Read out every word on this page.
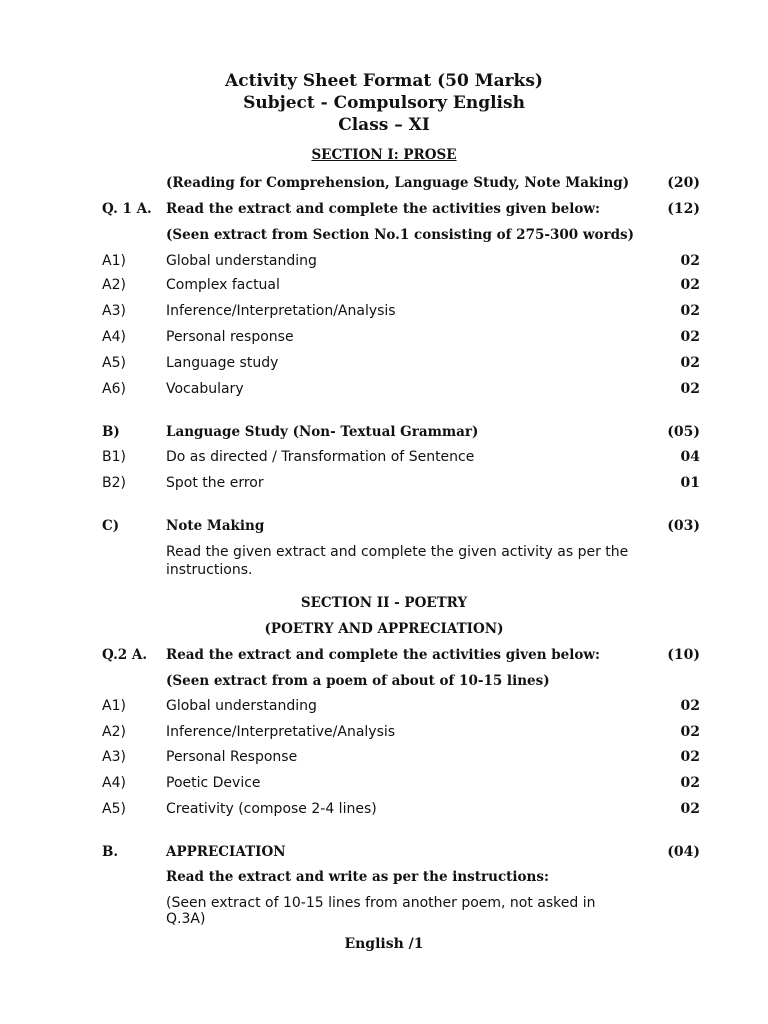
Activity Sheet Format (50 Marks)
Subject - Compulsory English
Class – XI
SECTION I: PROSE
(Reading for Comprehension, Language Study, Note Making)	(20)
Q. 1 A. Read the extract and complete the activities given below:	(12)
(Seen extract from Section No.1 consisting of 275-300 words)
A1)	Global understanding	02
A2)	Complex factual	02
A3)	Inference/Interpretation/Analysis	02
A4)	Personal response	02
A5)	Language study	02
A6)	Vocabulary	02
B)	Language Study (Non- Textual Grammar)	(05)
B1)	Do as directed / Transformation of Sentence	04
B2)	Spot the error	01
C)	Note Making	(03)
Read the given extract and complete the given activity as per the instructions.
SECTION II - POETRY
(POETRY AND APPRECIATION)
Q.2 A. Read the extract and complete the activities given below:	(10)
(Seen extract from a poem of about of 10-15 lines)
A1)	Global understanding	02
A2)	Inference/Interpretative/Analysis	02
A3)	Personal Response	02
A4)	Poetic Device	02
A5)	Creativity (compose 2-4 lines)	02
B.	APPRECIATION	(04)
Read the extract and write as per the instructions:
(Seen extract of 10-15 lines from another poem, not asked in Q.3A)
English /1
